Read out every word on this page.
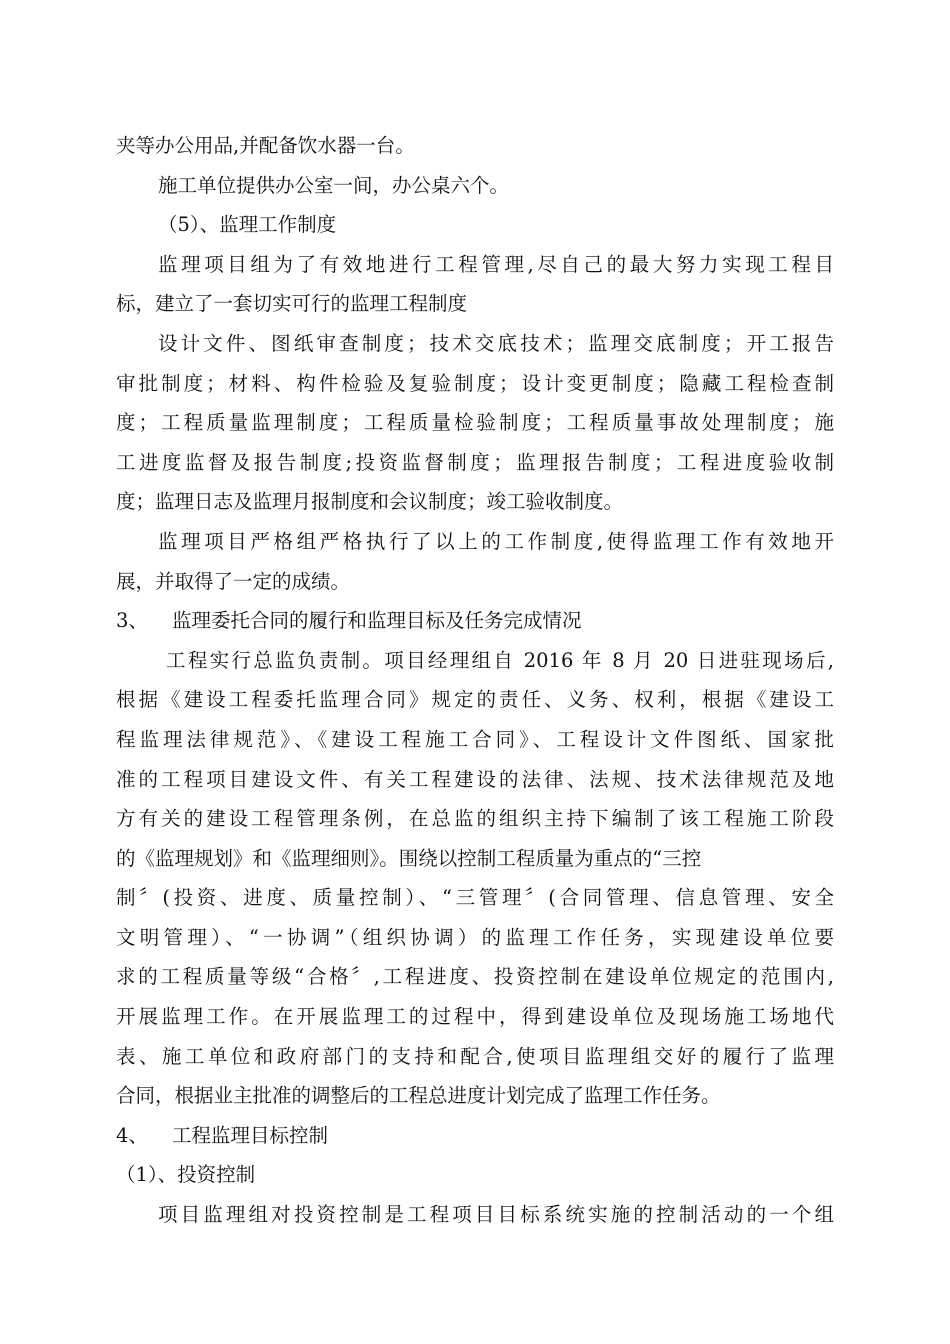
夹等办公用品,并配备饮水器一台。
施工单位提供办公室一间，办公桌六个。
（5）、监理工作制度
监理项目组为了有效地进行工程管理,尽自己的最大努力实现工程目
标，建立了一套切实可行的监理工程制度
设计文件、图纸审查制度；技术交底技术；监理交底制度；开工报告
审批制度；材料、构件检验及复验制度；设计变更制度；隐藏工程检查制
度；工程质量监理制度；工程质量检验制度；工程质量事故处理制度；施
工进度监督及报告制度;投资监督制度；监理报告制度；工程进度验收制
度；监理日志及监理月报制度和会议制度；竣工验收制度。
监理项目严格组严格执行了以上的工作制度,使得监理工作有效地开
展，并取得了一定的成绩。
3、 监理委托合同的履行和监理目标及任务完成情况
工程实行总监负责制。项目经理组自 2016 年 8 月 20 日进驻现场后,
根据《建设工程委托监理合同》规定的责任、义务、权利，根据《建设工
程监理法律规范》、《建设工程施工合同》、工程设计文件图纸、国家批
准的工程项目建设文件、有关工程建设的法律、法规、技术法律规范及地
方有关的建设工程管理条例，在总监的组织主持下编制了该工程施工阶段
的《监理规划》和《监理细则》。围绕以控制工程质量为重点的“三控
制〞(投资、进度、质量控制）、“三管理〞(合同管理、信息管理、安全
文明管理）、“一协调”（组织协调）的监理工作任务，实现建设单位要
求的工程质量等级“合格〞,工程进度、投资控制在建设单位规定的范围内,
开展监理工作。在开展监理工的过程中，得到建设单位及现场施工场地代
表、施工单位和政府部门的支持和配合,使项目监理组交好的履行了监理
合同，根据业主批准的调整后的工程总进度计划完成了监理工作任务。
4、 工程监理目标控制
（1）、投资控制
项目监理组对投资控制是工程项目目标系统实施的控制活动的一个组
